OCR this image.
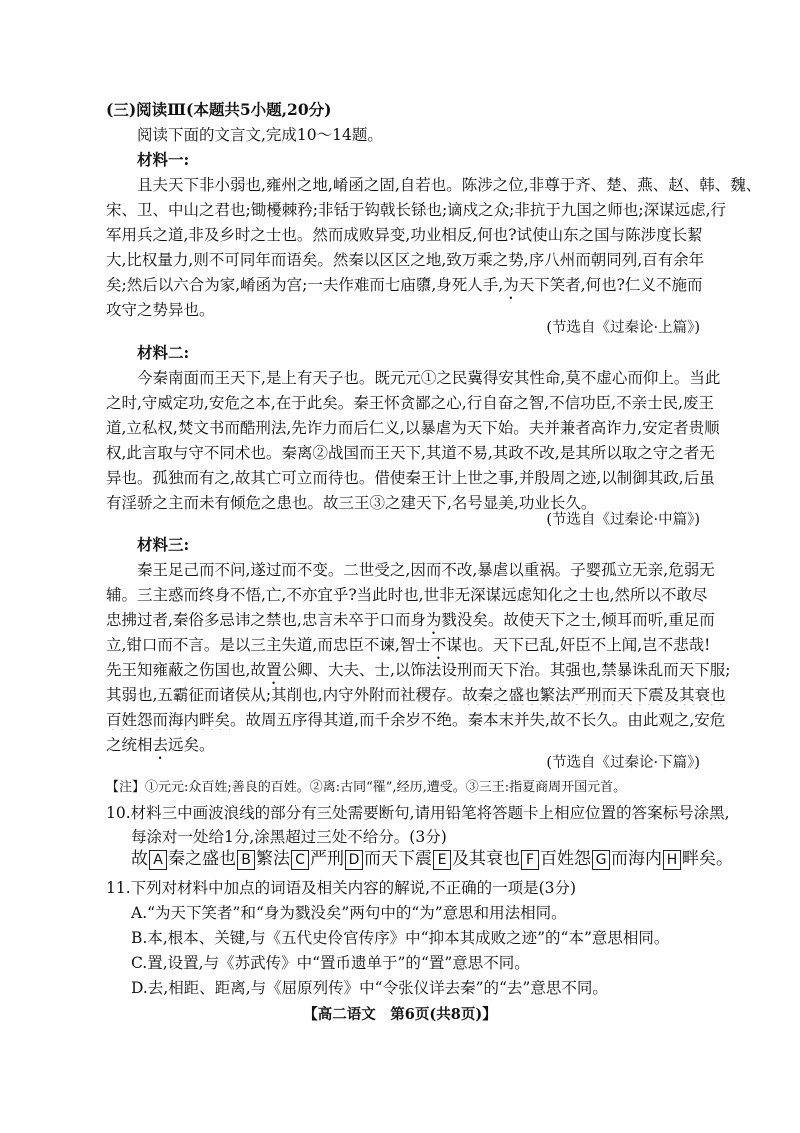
(三)阅读Ⅲ(本题共5小题,20分)
阅读下面的文言文,完成10～14题。
材料一:
且夫天下非小弱也,雍州之地,崤函之固,自若也。陈涉之位,非尊于齐、楚、燕、赵、韩、魏、
宋、卫、中山之君也;锄櫌棘矜;非铦于钩戟长铩也;谪戍之众;非抗于九国之师也;深谋远虑,行
军用兵之道,非及乡时之士也。然而成败异变,功业相反,何也?试使山东之国与陈涉度长絜
大,比权量力,则不可同年而语矣。然秦以区区之地,致万乘之势,序八州而朝同列,百有余年
矣;然后以六合为家,崤函为宫;一夫作难而七庙隳,身死人手,为天下笑者,何也?仁义不施而
攻守之势异也。
(节选自《过秦论·上篇》)
材料二:
今秦南面而王天下,是上有天子也。既元元①之民冀得安其性命,莫不虚心而仰上。当此
之时,守威定功,安危之本,在于此矣。秦王怀贪鄙之心,行自奋之智,不信功臣,不亲士民,废王
道,立私权,焚文书而酷刑法,先诈力而后仁义,以暴虐为天下始。夫并兼者高诈力,安定者贵顺
权,此言取与守不同术也。秦离②战国而王天下,其道不易,其政不改,是其所以取之守之者无
异也。孤独而有之,故其亡可立而待也。借使秦王计上世之事,并殷周之迹,以制御其政,后虽
有淫骄之主而未有倾危之患也。故三王③之建天下,名号显美,功业长久。
(节选自《过秦论·中篇》)
材料三:
秦王足己而不问,遂过而不变。二世受之,因而不改,暴虐以重祸。子婴孤立无亲,危弱无
辅。三主惑而终身不悟,亡,不亦宜乎?当此时也,世非无深谋远虑知化之士也,然所以不敢尽
忠拂过者,秦俗多忌讳之禁也,忠言未卒于口而身为戮没矣。故使天下之士,倾耳而听,重足而
立,钳口而不言。是以三主失道,而忠臣不谏,智士不谋也。天下已乱,奸臣不上闻,岂不悲哉!
先王知雍蔽之伤国也,故置公卿、大夫、士,以饰法设刑而天下治。其强也,禁暴诛乱而天下服;
其弱也,五霸征而诸侯从;其削也,内守外附而社稷存。故秦之盛也繁法严刑而天下震及其衰也
百姓怨而海内畔矣。故周五序得其道,而千余岁不绝。秦本末并失,故不长久。由此观之,安危
之统相去远矣。
(节选自《过秦论·下篇》)
【注】①元元:众百姓;善良的百姓。②离:古同“罹”,经历,遭受。③三王:指夏商周开国元首。
10.材料三中画波浪线的部分有三处需要断句,请用铅笔将答题卡上相应位置的答案标号涂黑,
每涂对一处给1分,涂黑超过三处不给分。(3分)
故 A 秦之盛也 B 繁法 C 严刑 D 而天下震 E 及其衰也 F 百姓怨 G 而海内 H 畔矣。
11.下列对材料中加点的词语及相关内容的解说,不正确的一项是(3分)
A.“为天下笑者”和“身为戮没矣”两句中的“为”意思和用法相同。
B.本,根本、关键,与《五代史伶官传序》中“抑本其成败之迹”的“本”意思相同。
C.置,设置,与《苏武传》中“置币遗单于”的“置”意思不同。
D.去,相距、距离,与《屈原列传》中“令张仪详去秦”的“去”意思不同。
【高二语文　第6页(共8页)】
